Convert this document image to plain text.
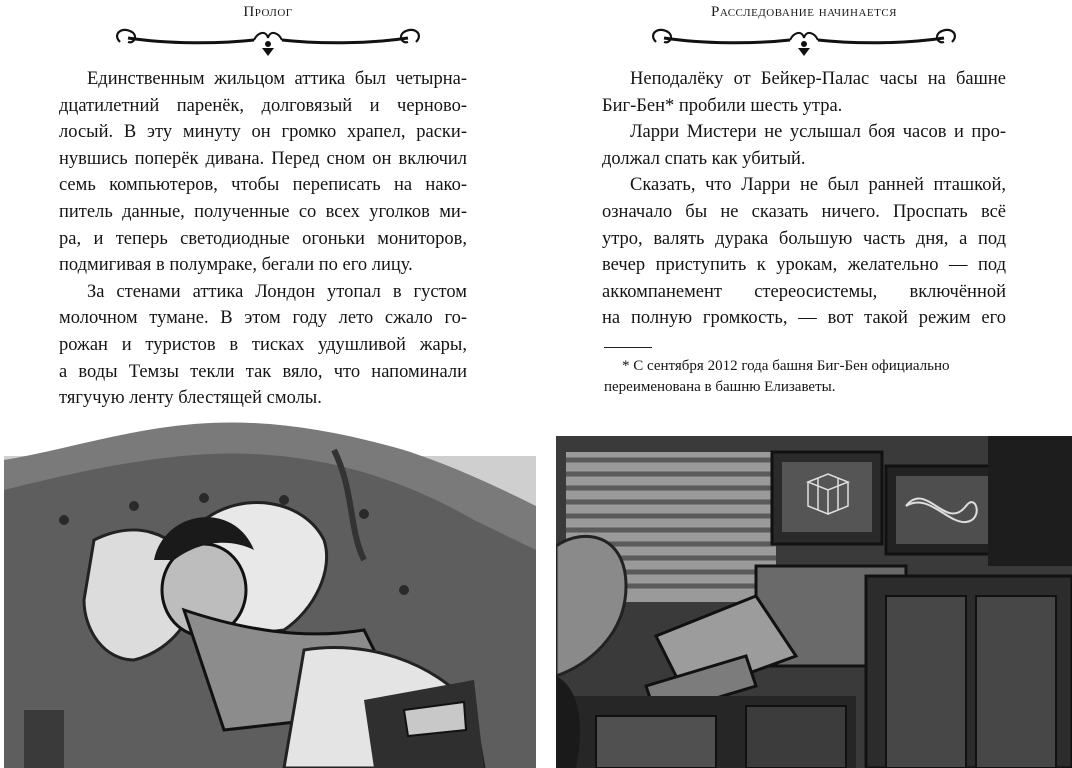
Пролог

Единственным жильцом аттика был четырна-
дцатилетний паренёк, долговязый и черново-
лосый. В эту минуту он громко храпел, раски-
нувшись поперёк дивана. Перед сном он включил
семь компьютеров, чтобы переписать на нако-
питель данные, полученные со всех уголков ми-
ра, и теперь светодиодные огоньки мониторов,
подмигивая в полумраке, бегали по его лицу.

За стенами аттика Лондон утопал в густом
молочном тумане. В этом году лето сжало го-
рожан и туристов в тисках удушливой жары,
а воды Темзы текли так вяло, что напоминали
тягучую ленту блестящей смолы.

Расследование начинается

Неподалёку от Бейкер-Палас часы на башне
Биг-Бен* пробили шесть утра.

Ларри Мистери не услышал боя часов и про-
должал спать как убитый.

Сказать, что Ларри не был ранней пташкой,
означало бы не сказать ничего. Проспать всё
утро, валять дурака большую часть дня, а под
вечер приступить к урокам, желательно — под
аккомпанемент стереосистемы, включённой
на полную громкость, — вот такой режим его

* С сентября 2012 года башня Биг-Бен официально
переименована в башню Елизаветы.
